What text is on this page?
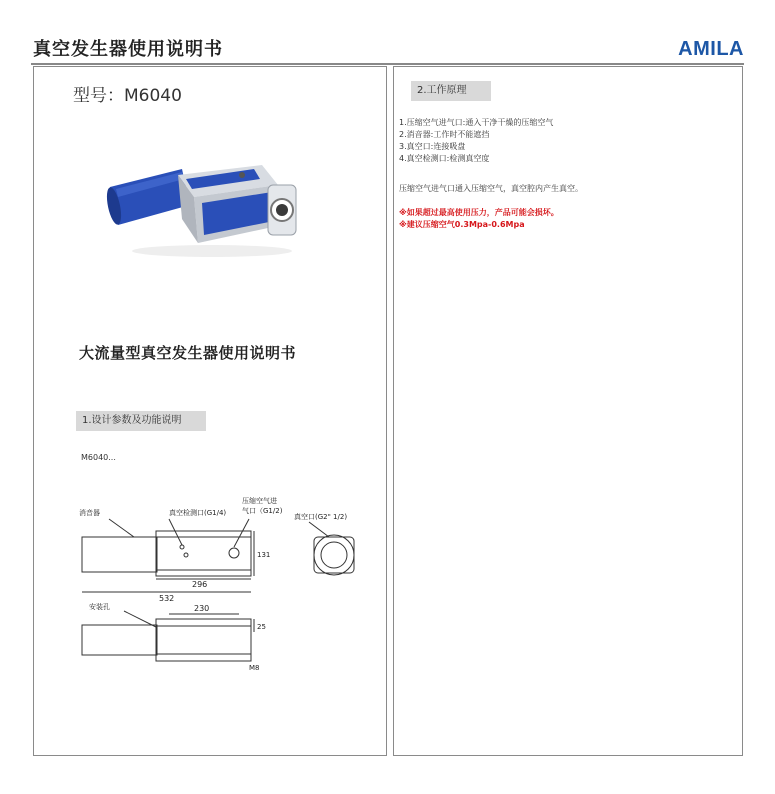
真空发生器使用说明书	AMILA
型号：M6040
大流量型真空发生器使用说明书
1.设计参数及功能说明
M6040...
消音器	真空检测口(G1/4)
压缩空气进
气口（G1/2)
真空口(G2" 1/2)
131
296
532
安装孔	230
25
M8
2.工作原理
1.压缩空气进气口:通入干净干燥的压缩空气
2.消音器:工作时不能遮挡
3.真空口:连接吸盘
4.真空检测口:检测真空度
压缩空气进气口通入压缩空气，真空腔内产生真空。
※如果超过最高使用压力，产品可能会损坏。
※建议压缩空气0.3Mpa-0.6Mpa
